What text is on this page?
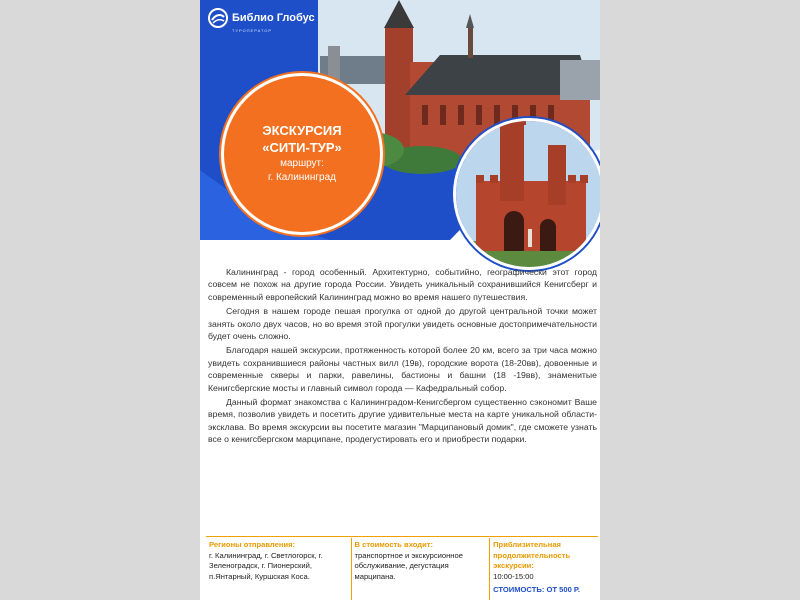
Библио Глобус
ТУРОПЕРАТОР
ЭКСКУРСИЯ
«СИТИ-ТУР»
маршрут:
г. Калининград

Калининград - город особенный. Архитектурно, событийно, географически этот город совсем не похож на другие города России. Увидеть уникальный сохранившийся Кенигсберг и современный европейский Калининград можно во время нашего путешествия.

Сегодня в нашем городе пешая прогулка от одной до другой центральной точки может занять около двух часов, но во время этой прогулки увидеть основные достопримечательности будет очень сложно.

Благодаря нашей экскурсии, протяженность которой более 20 км, всего за три часа можно увидеть сохранившиеся районы частных вилл (19в), городские ворота (18-20вв), довоенные и современные скверы и парки, равелины, бастионы и башни (18 -19вв), знаменитые Кенигсбергские мосты и главный символ города — Кафедральный собор.

Данный формат знакомства с Калининградом-Кенигсбергом существенно сэкономит Ваше время, позволив увидеть и посетить другие удивительные места на карте уникальной области-эксклава. Во время экскурсии вы посетите магазин "Марципановый домик", где сможете узнать все о кенигсбергском марципане, продегустировать его и приобрести подарки.

Регионы отправления:
г. Калининград, г. Светлогорск, г. Зеленоградск, г. Пионерский, п.Янтарный, Куршская Коса.
В стоимость входит:
транспортное и экскурсионное обслуживание, дегустация марципана.
Приблизительная продолжительность экскурсии:
10:00-15:00
СТОИМОСТЬ: ОТ 500 Р.
